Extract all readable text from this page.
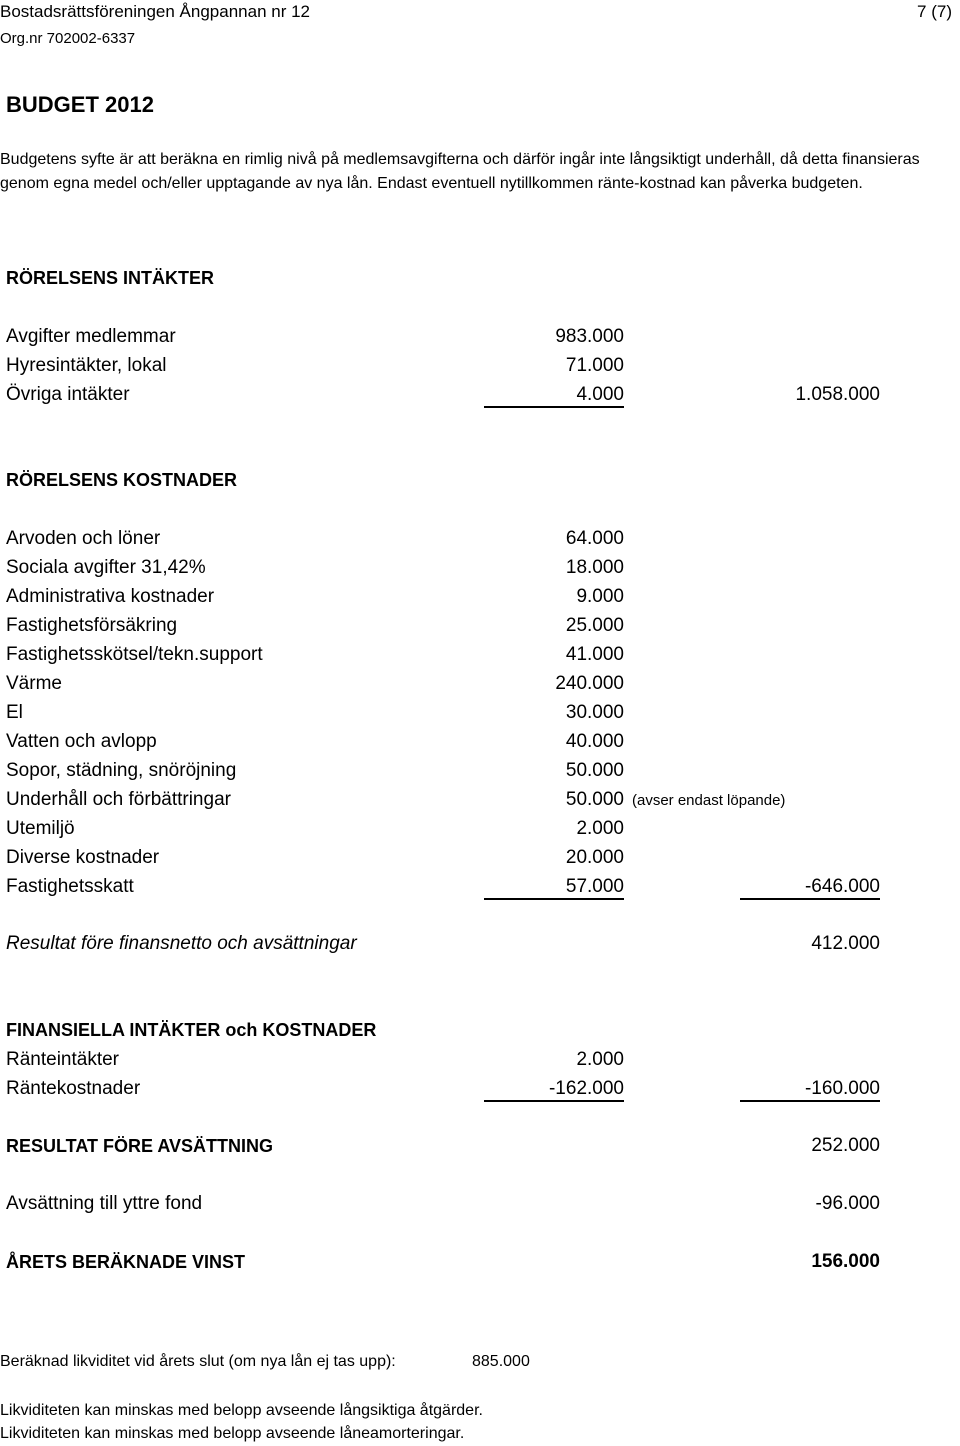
Bostadsrättsföreningen Ångpannan nr 12	7 (7)
Org.nr 702002-6337
BUDGET 2012
Budgetens syfte är att beräkna en rimlig nivå på medlemsavgifterna och därför ingår inte långsiktigt underhåll, då detta finansieras genom egna medel och/eller upptagande av nya lån. Endast eventuell nytillkommen ränte-kostnad kan påverka budgeten.
RÖRELSENS INTÄKTER
Avgifter medlemmar	983.000
Hyresintäkter, lokal	71.000
Övriga intäkter	4.000	1.058.000
RÖRELSENS KOSTNADER
Arvoden och löner	64.000
Sociala avgifter 31,42%	18.000
Administrativa kostnader	9.000
Fastighetsförsäkring	25.000
Fastighetsskötsel/tekn.support	41.000
Värme	240.000
El	30.000
Vatten och avlopp	40.000
Sopor, städning, snöröjning	50.000
Underhåll och förbättringar	50.000 (avser endast löpande)
Utemiljö	2.000
Diverse kostnader	20.000
Fastighetsskatt	57.000	-646.000
Resultat före finansnetto och avsättningar	412.000
FINANSIELLA INTÄKTER och KOSTNADER
Ränteintäkter	2.000
Räntekostnader	-162.000	-160.000
RESULTAT FÖRE AVSÄTTNING	252.000
Avsättning till yttre fond	-96.000
ÅRETS BERÄKNADE VINST	156.000
Beräknad likviditet vid årets slut (om nya lån ej tas upp):	885.000
Likviditeten kan minskas med belopp avseende långsiktiga åtgärder.
Likviditeten kan minskas med belopp avseende låneamorteringar.
